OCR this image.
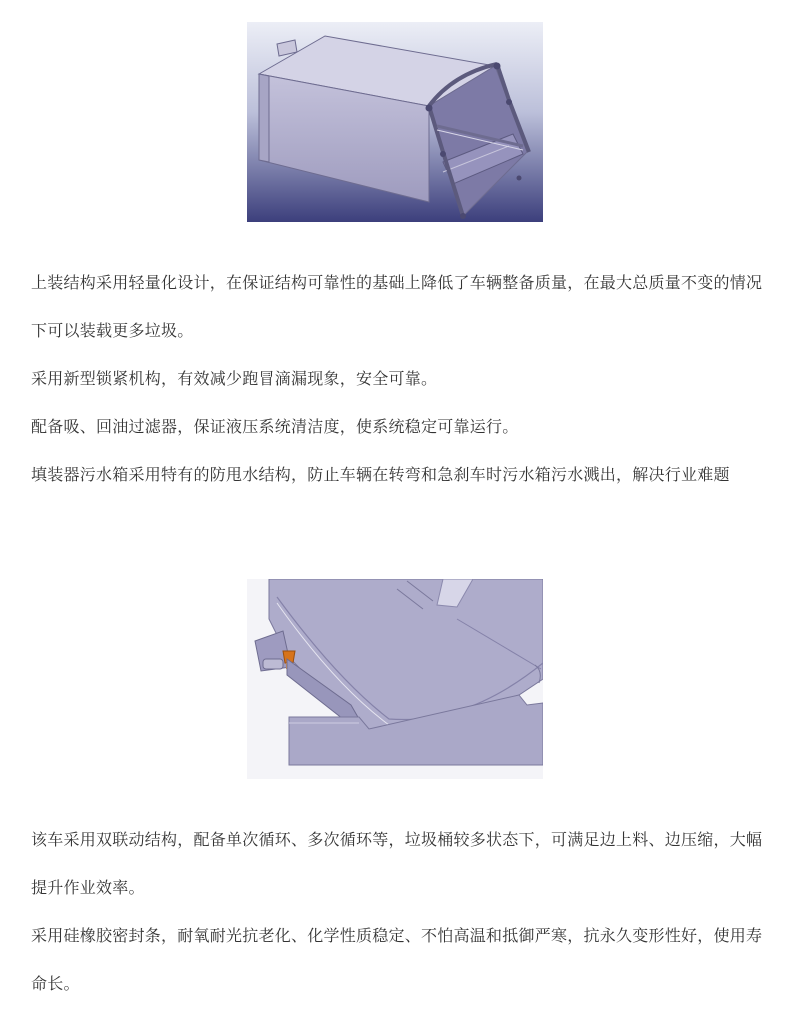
上装结构采用轻量化设计，在保证结构可靠性的基础上降低了车辆整备质量，在最大总质量不变的情况下可以装载更多垃圾。

采用新型锁紧机构，有效减少跑冒滴漏现象，安全可靠。

配备吸、回油过滤器，保证液压系统清洁度，使系统稳定可靠运行。

填装器污水箱采用特有的防甩水结构，防止车辆在转弯和急刹车时污水箱污水溅出，解决行业难题

该车采用双联动结构，配备单次循环、多次循环等，垃圾桶较多状态下，可满足边上料、边压缩，大幅提升作业效率。

采用硅橡胶密封条，耐氧耐光抗老化、化学性质稳定、不怕高温和抵御严寒，抗永久变形性好，使用寿命长。
